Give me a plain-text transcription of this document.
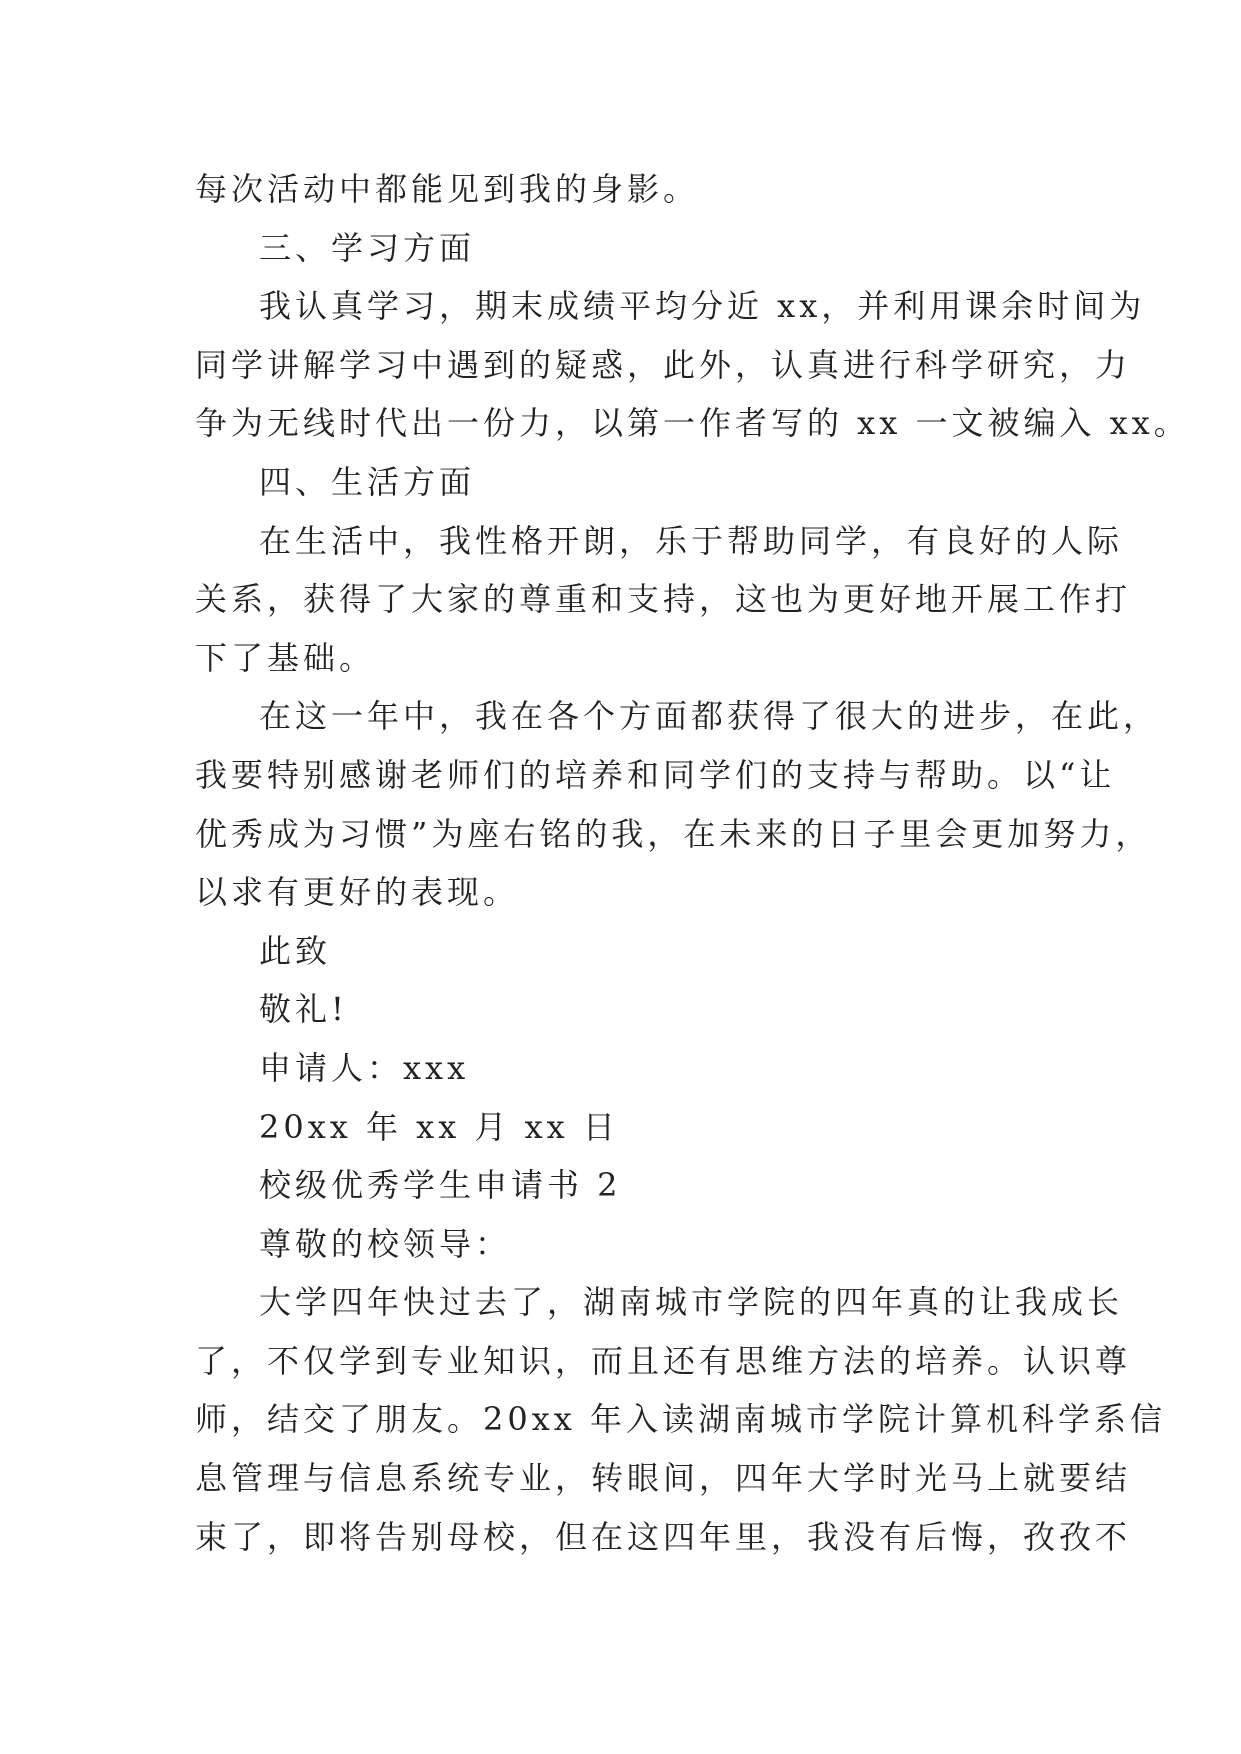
每次活动中都能见到我的身影。
三、学习方面
我认真学习，期末成绩平均分近 xx，并利用课余时间为
同学讲解学习中遇到的疑惑，此外，认真进行科学研究，力
争为无线时代出一份力，以第一作者写的 xx 一文被编入 xx。
四、生活方面
在生活中，我性格开朗，乐于帮助同学，有良好的人际
关系，获得了大家的尊重和支持，这也为更好地开展工作打
下了基础。
在这一年中，我在各个方面都获得了很大的进步，在此，
我要特别感谢老师们的培养和同学们的支持与帮助。以“让
优秀成为习惯”为座右铭的我，在未来的日子里会更加努力，
以求有更好的表现。
此致
敬礼!
申请人：xxx
20xx 年 xx 月 xx 日
校级优秀学生申请书 2
尊敬的校领导：
大学四年快过去了，湖南城市学院的四年真的让我成长
了，不仅学到专业知识，而且还有思维方法的培养。认识尊
师，结交了朋友。20xx 年入读湖南城市学院计算机科学系信
息管理与信息系统专业，转眼间，四年大学时光马上就要结
束了，即将告别母校，但在这四年里，我没有后悔，孜孜不
